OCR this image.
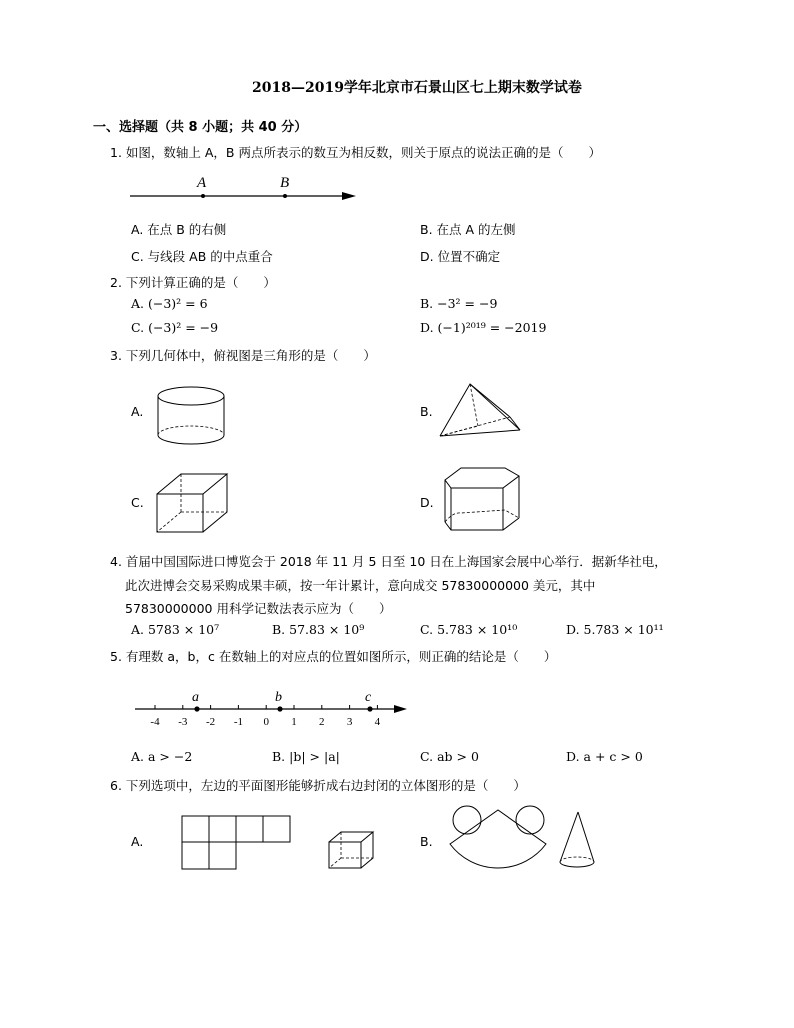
2018—2019学年北京市石景山区七上期末数学试卷
一、选择题（共 8 小题；共 40 分）
1. 如图，数轴上 A，B 两点所表示的数互为相反数，则关于原点的说法正确的是（　　）
A	B
A. 在点 B 的右侧	B. 在点 A 的左侧
C. 与线段 AB 的中点重合	D. 位置不确定
2. 下列计算正确的是（　　）
A. (−3)² = 6	B. −3² = −9
C. (−3)² = −9	D. (−1)²⁰¹⁹ = −2019
3. 下列几何体中，俯视图是三角形的是（　　）
A.	B.
C.	D.
4. 首届中国国际进口博览会于 2018 年 11 月 5 日至 10 日在上海国家会展中心举行．据新华社电，
此次进博会交易采购成果丰硕，按一年计累计，意向成交 57830000000 美元，其中
57830000000 用科学记数法表示应为（　　）
A. 5783 × 10⁷	B. 57.83 × 10⁹	C. 5.783 × 10¹⁰	D. 5.783 × 10¹¹
5. 有理数 a，b，c 在数轴上的对应点的位置如图所示，则正确的结论是（　　）
-4 -3 -2 -1 0 1 2 3 4
a	b	c
A. a > −2	B. |b| > |a|	C. ab > 0	D. a + c > 0
6. 下列选项中，左边的平面图形能够折成右边封闭的立体图形的是（　　）
A.	B.
